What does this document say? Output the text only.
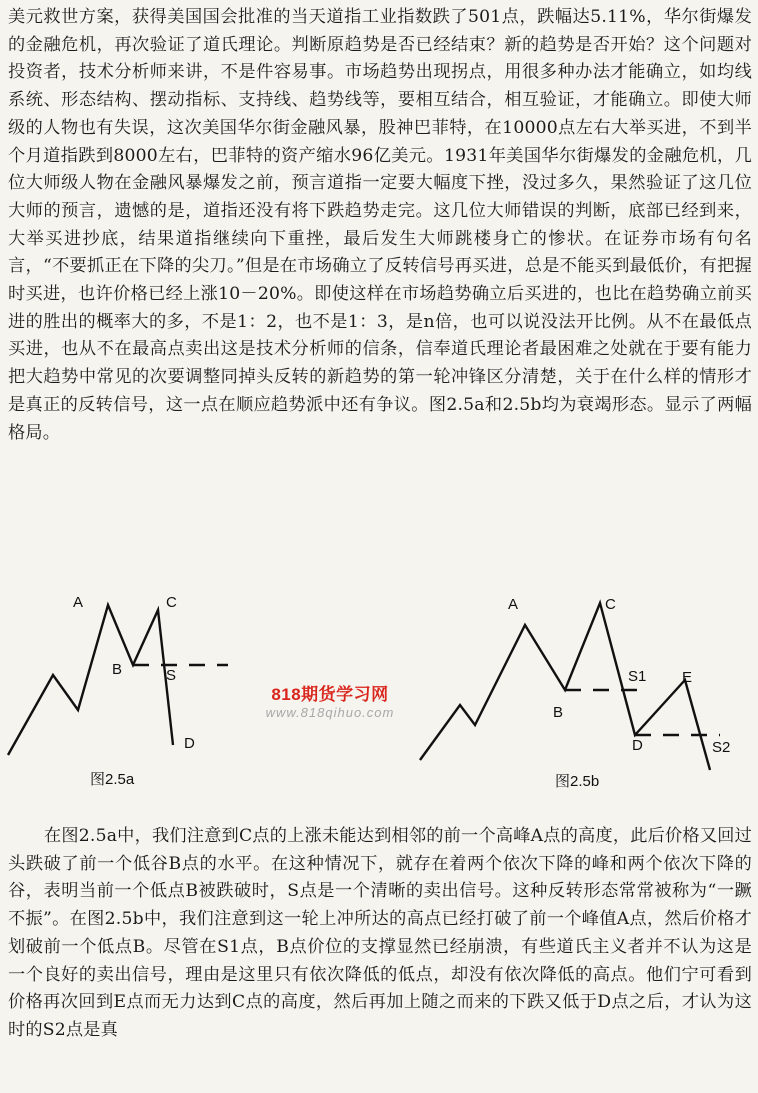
美元救世方案，获得美国国会批准的当天道指工业指数跌了501点，跌幅达5.11%，华尔街爆发的金融危机，再次验证了道氏理论。判断原趋势是否已经结束？新的趋势是否开始？这个问题对投资者，技术分析师来讲，不是件容易事。市场趋势出现拐点，用很多种办法才能确立，如均线系统、形态结构、摆动指标、支持线、趋势线等，要相互结合，相互验证，才能确立。即使大师级的人物也有失误，这次美国华尔街金融风暴，股神巴菲特，在10000点左右大举买进，不到半个月道指跌到8000左右，巴菲特的资产缩水96亿美元。1931年美国华尔街爆发的金融危机，几位大师级人物在金融风暴爆发之前，预言道指一定要大幅度下挫，没过多久，果然验证了这几位大师的预言，遗憾的是，道指还没有将下跌趋势走完。这几位大师错误的判断，底部已经到来，大举买进抄底，结果道指继续向下重挫，最后发生大师跳楼身亡的惨状。在证券市场有句名言，“不要抓正在下降的尖刀。”但是在市场确立了反转信号再买进，总是不能买到最低价，有把握时买进，也许价格已经上涨10－20%。即使这样在市场趋势确立后买进的，也比在趋势确立前买进的胜出的概率大的多，不是1：2，也不是1：3，是n倍，也可以说没法开比例。从不在最低点买进，也从不在最高点卖出这是技术分析师的信条，信奉道氏理论者最困难之处就在于要有能力把大趋势中常见的次要调整同掉头反转的新趋势的第一轮冲锋区分清楚，关于在什么样的情形才是真正的反转信号，这一点在顺应趋势派中还有争议。图2.5a和2.5b均为衰竭形态。显示了两幅格局。

A
B
C
S
D
图2.5a
818期货学习网
www.818qihuo.com
A
B
C
S1 E
D	S2
图2.5b

在图2.5a中，我们注意到C点的上涨未能达到相邻的前一个高峰A点的高度，此后价格又回过头跌破了前一个低谷B点的水平。在这种情况下，就存在着两个依次下降的峰和两个依次下降的谷，表明当前一个低点B被跌破时，S点是一个清晰的卖出信号。这种反转形态常常被称为“一蹶不振”。在图2.5b中，我们注意到这一轮上冲所达的高点已经打破了前一个峰值A点，然后价格才划破前一个低点B。尽管在S1点，B点价位的支撑显然已经崩溃，有些道氏主义者并不认为这是一个良好的卖出信号，理由是这里只有依次降低的低点，却没有依次降低的高点。他们宁可看到价格再次回到E点而无力达到C点的高度，然后再加上随之而来的下跌又低于D点之后，才认为这时的S2点是真
